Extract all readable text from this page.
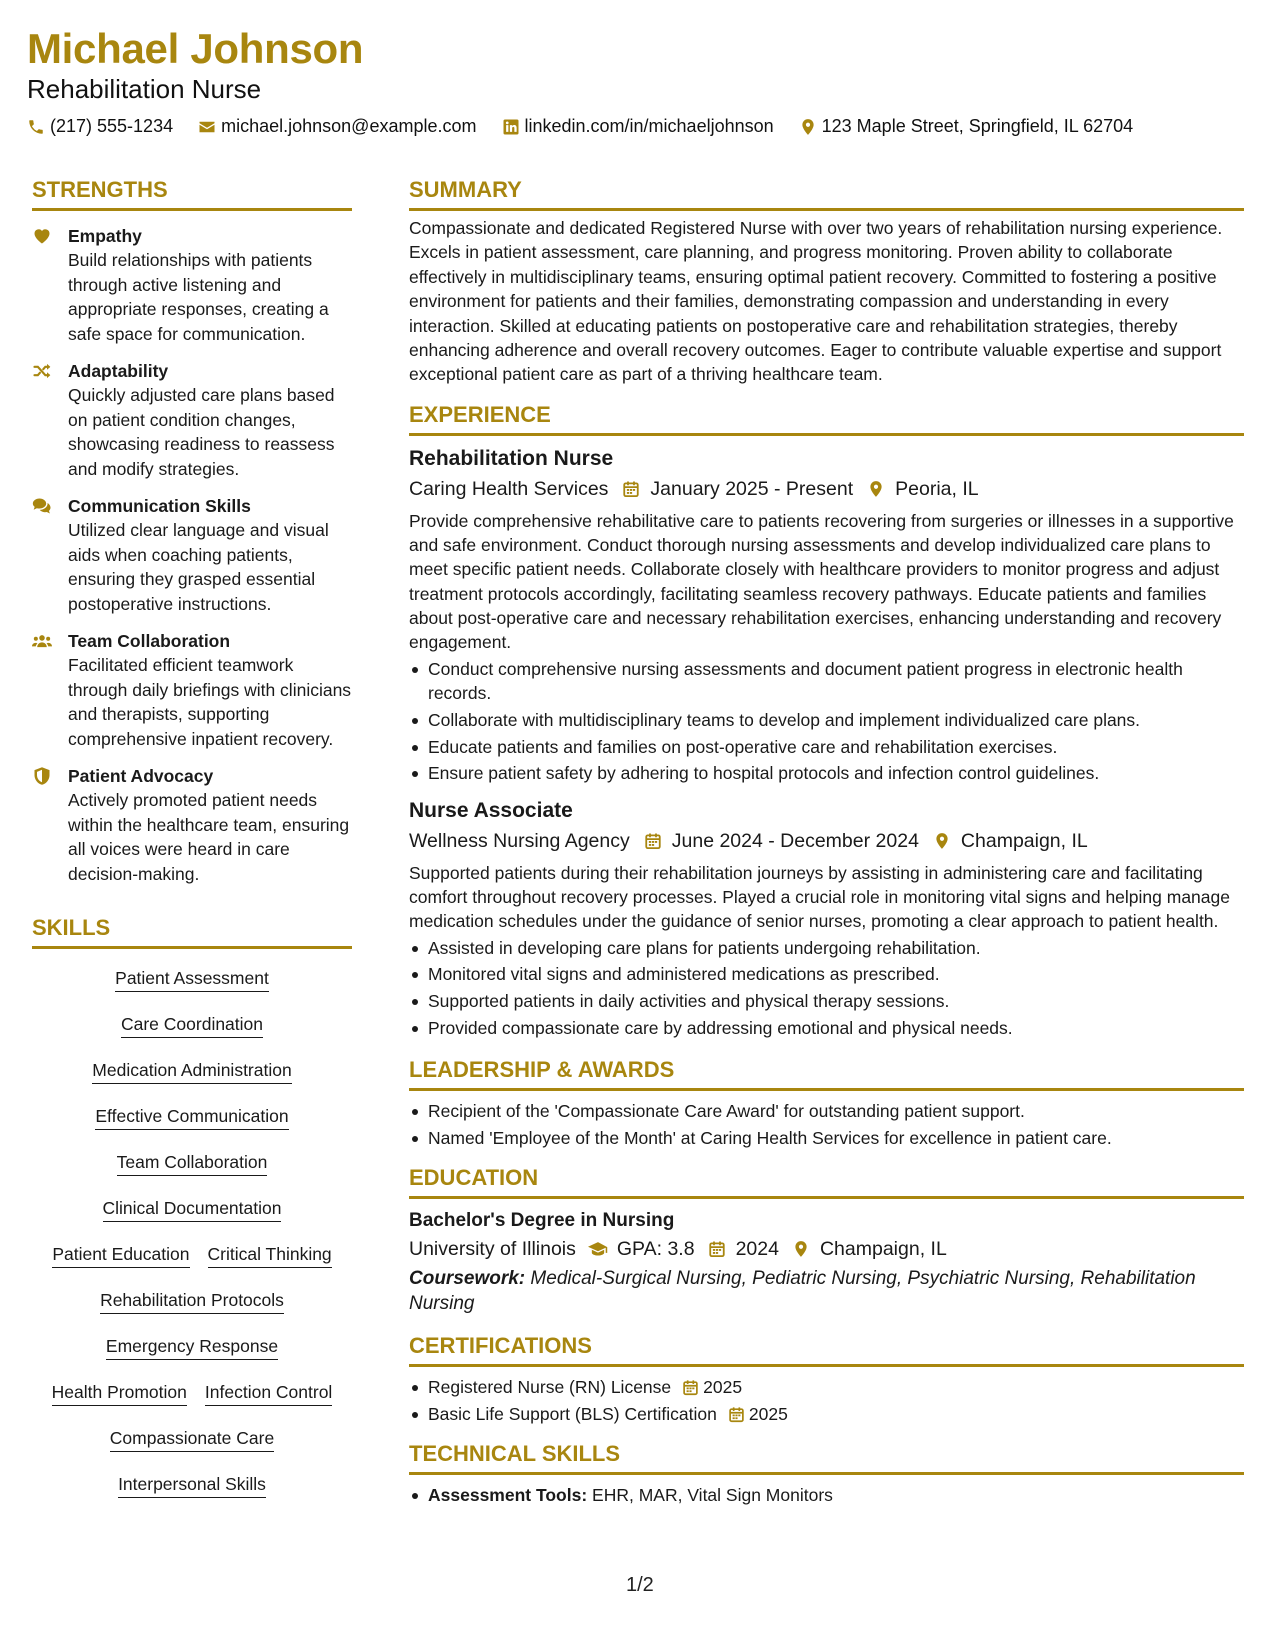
Michael Johnson
Rehabilitation Nurse
(217) 555-1234	michael.johnson@example.com	linkedin.com/in/michaeljohnson	123 Maple Street, Springfield, IL 62704
STRENGTHS
Empathy
Build relationships with patients through active listening and appropriate responses, creating a safe space for communication.
Adaptability
Quickly adjusted care plans based on patient condition changes, showcasing readiness to reassess and modify strategies.
Communication Skills
Utilized clear language and visual aids when coaching patients, ensuring they grasped essential postoperative instructions.
Team Collaboration
Facilitated efficient teamwork through daily briefings with clinicians and therapists, supporting comprehensive inpatient recovery.
Patient Advocacy
Actively promoted patient needs within the healthcare team, ensuring all voices were heard in care decision-making.
SKILLS
Patient Assessment
Care Coordination
Medication Administration
Effective Communication
Team Collaboration
Clinical Documentation
Patient Education Critical Thinking
Rehabilitation Protocols
Emergency Response
Health Promotion Infection Control
Compassionate Care
Interpersonal Skills
SUMMARY
Compassionate and dedicated Registered Nurse with over two years of rehabilitation nursing experience. Excels in patient assessment, care planning, and progress monitoring. Proven ability to collaborate effectively in multidisciplinary teams, ensuring optimal patient recovery. Committed to fostering a positive environment for patients and their families, demonstrating compassion and understanding in every interaction. Skilled at educating patients on postoperative care and rehabilitation strategies, thereby enhancing adherence and overall recovery outcomes. Eager to contribute valuable expertise and support exceptional patient care as part of a thriving healthcare team.
EXPERIENCE
Rehabilitation Nurse
Caring Health Services January 2025 - Present Peoria, IL
Provide comprehensive rehabilitative care to patients recovering from surgeries or illnesses in a supportive and safe environment. Conduct thorough nursing assessments and develop individualized care plans to meet specific patient needs. Collaborate closely with healthcare providers to monitor progress and adjust treatment protocols accordingly, facilitating seamless recovery pathways. Educate patients and families about post-operative care and necessary rehabilitation exercises, enhancing understanding and recovery engagement.
Conduct comprehensive nursing assessments and document patient progress in electronic health records.
Collaborate with multidisciplinary teams to develop and implement individualized care plans.
Educate patients and families on post-operative care and rehabilitation exercises.
Ensure patient safety by adhering to hospital protocols and infection control guidelines.
Nurse Associate
Wellness Nursing Agency June 2024 - December 2024 Champaign, IL
Supported patients during their rehabilitation journeys by assisting in administering care and facilitating comfort throughout recovery processes. Played a crucial role in monitoring vital signs and helping manage medication schedules under the guidance of senior nurses, promoting a clear approach to patient health.
Assisted in developing care plans for patients undergoing rehabilitation.
Monitored vital signs and administered medications as prescribed.
Supported patients in daily activities and physical therapy sessions.
Provided compassionate care by addressing emotional and physical needs.
LEADERSHIP & AWARDS
Recipient of the 'Compassionate Care Award' for outstanding patient support.
Named 'Employee of the Month' at Caring Health Services for excellence in patient care.
EDUCATION
Bachelor's Degree in Nursing
University of Illinois GPA: 3.8 2024 Champaign, IL
Coursework: Medical-Surgical Nursing, Pediatric Nursing, Psychiatric Nursing, Rehabilitation Nursing
CERTIFICATIONS
Registered Nurse (RN) License 2025
Basic Life Support (BLS) Certification 2025
TECHNICAL SKILLS
Assessment Tools: EHR, MAR, Vital Sign Monitors
1/2
